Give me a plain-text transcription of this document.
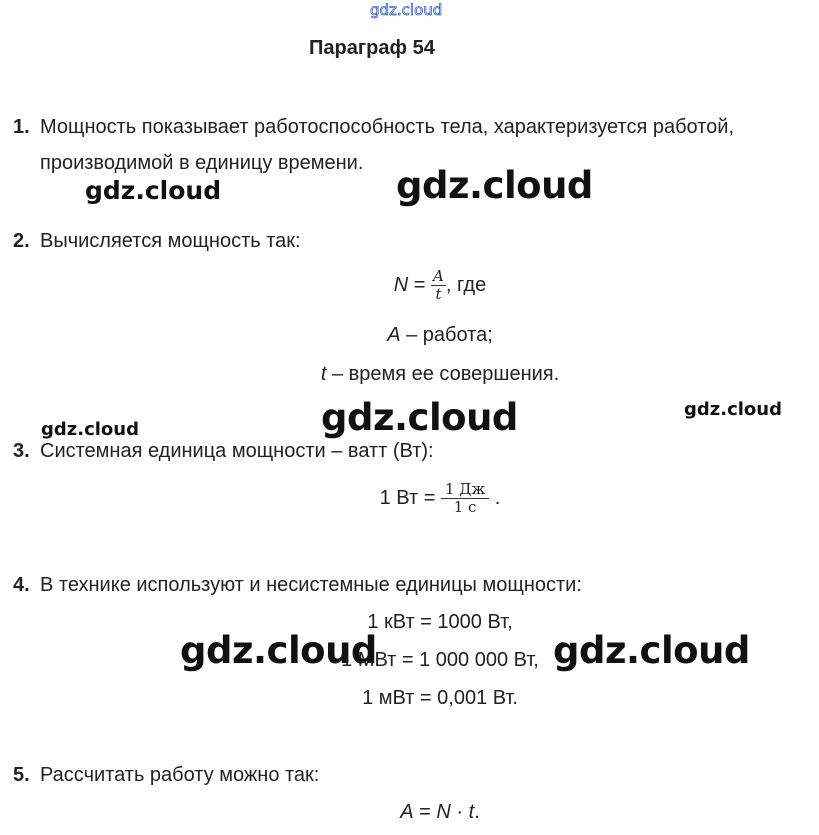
gdz.cloud
Параграф 54
1. Мощность показывает работоспособность тела, характеризуется работой,
производимой в единицу времени.
2. Вычисляется мощность так:
$N = \frac{A}{t}$ , где
A – работа;
t – время ее совершения.
3. Системная единица мощности – ватт (Вт):
1 Вт = $\frac{1 Дж}{1 с}$ .
4. В технике используют и несистемные единицы мощности:
1 кВт = 1000 Вт,
1 МВт = 1 000 000 Вт,
1 мВт = 0,001 Вт.
5. Рассчитать работу можно так:
A = N · t.
gdz.cloud	gdz.cloud
gdz.cloud	gdz.cloud
gdz.cloud
gdz.cloud	gdz.cloud
